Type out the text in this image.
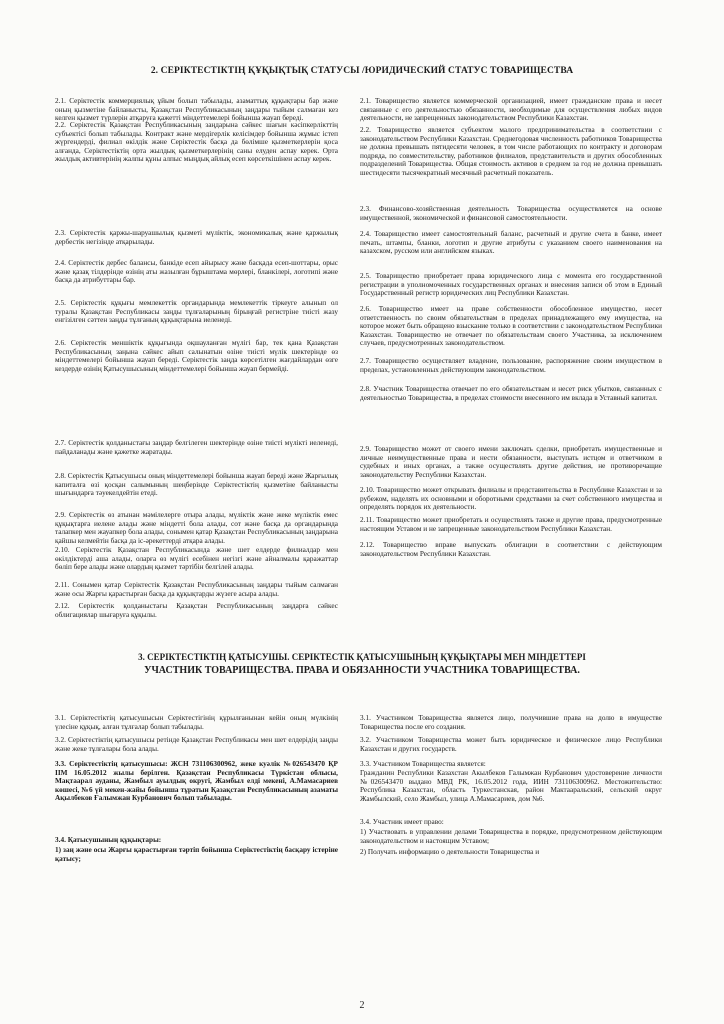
2. СЕРІКТЕСТІКТІҢ ҚҰҚЫҚТЫҚ СТАТУСЫ /ЮРИДИЧЕСКИЙ СТАТУС ТОВАРИЩЕСТВА
2.1. Серіктестік коммерциялық ұйым болып табылады, азаматтық құқықтары бар және оның қызметіне байланысты, Қазақстан Республикасының заңдары тыйым салмаған кез келген қызмет түрлерін атқаруға қажетті міндеттемелері бойынша жауап береді.
2.2. Серіктестік Қазақстан Республикасының заңдарына сәйкес шағын кәсіпкерлікттің субъектісі болып табылады. Контракт және мердігерлік келісімдер бойынша жұмыс істеп жүргендерді, филиал өкілдік және Серіктестік басқа да бөлімше қызметкерлерін қоса алғанда, Серіктестіктің орта жылдық қызметкерлерінің саны елуден аспау керек. Орта жылдық активтерінің жалпы құны алпыс мыңдық айлық есеп көрсеткішінен аспау керек.
2.3. Серіктестік қаржы-шаруашылық қызметі мүліктік, экономикалық және қаржылық дербестік негізінде атқарылады.
2.4. Серіктестік дербес балансы, банкіде есеп айырысу және басқада есеп-шоттары, орыс және қазақ тілдерінде өзінің аты жазылған бұрыштама мөрлері, бланкілері, логотипі және басқа да атрибуттары бар.
2.5. Серіктестік құқығы мемлекеттік органдарында мемлекеттік тіркеуге алынып ол туралы Қазақстан Республикасы заңды тұлғаларының бірыңғай регистріне тиісті жазу енгізілген сәттен заңды тұлғаның құқықтарына иеленеді.
2.6. Серіктестік меншіктік құқығында оқшауланған мүлігі бар, тек қана Қазақстан Республикасының заңына сәйкес айып салынатын өзіне тиісті мүлік шектерінде өз міндеттемелері бойынша жауап береді. Серіктестік заңда көрсетілген жағдайлардан өзге кездерде өзінің Қатысушысының міндеттемелері бойынша жауап бермейді.
2.7. Серіктестік қолданыстағы заңдар белгілеген шектерінде өзіне тиісті мүлікті иеленеді, пайдаланады және қажетке жаратады.
2.8. Серіктестік Қатысушысы оның міндеттемелері бойынша жауап береді және Жарғылық капиталға өзі қосқан салымының шеңберінде Серіктестіктің қызметіне байланысты шығындарға тәуекелдейтін етеді.
2.9. Серіктестік өз атынан мәмілелерге отыра алады, мүліктік және жеке мүліктік емес құқықтарға иелене алады және міндетті бола алады, сот және басқа да органдарында талапкер мен жауапкер бола алады, сонымен қатар Қазақстан Республикасының заңдарына қайшы келмейтін басқа да іс-әрекеттерді атқара алады.
2.10. Серіктестік Қазақстан Республикасында және шет елдерде филиалдар мен өкілдіктерді аша алады, оларға өз мүлігі есебінен негізгі және айналмалы қаражаттар бөліп бере алады және олардың қызмет тәртібін белгілей алады.
2.11. Сонымен қатар Серіктестік Қазақстан Республикасының заңдары тыйым салмаған және осы Жарғы қарастырған басқа да құқықтарды жүзеге асыра алады.
2.12. Серіктестік қолданыстағы Қазақстан Республикасының заңдарға сәйкес облигациялар шығаруға құқылы.
2.1. Товарищество является коммерческой организацией, имеет гражданские права и несет связанные с его деятельностью обязанности, необходимые для осуществления любых видов деятельности, не запрещенных законодательством Республики Казахстан.
2.2. Товарищество является субъектом малого предпринимательства в соответствии с законодательством Республики Казахстан. Среднегодовая численность работников Товарищества не должна превышать пятидесяти человек, в том числе работающих по контракту и договорам подряда, по совместительству, работников филиалов, представительств и других обособленных подразделений Товарищества. Общая стоимость активов в среднем за год не должна превышать шестидесяти тысячекратный месячный расчетный показатель.
2.3. Финансово-хозяйственная деятельность Товарищества осуществляется на основе имущественной, экономической и финансовой самостоятельности.
2.4. Товарищество имеет самостоятельный баланс, расчетный и другие счета в банке, имеет печать, штампы, бланки, логотип и другие атрибуты с указанием своего наименования на казахском, русском или английском языках.
2.5. Товарищество приобретает права юридического лица с момента его государственной регистрации в уполномоченных государственных органах и внесения записи об этом в Единый Государственный регистр юридических лиц Республики Казахстан.
2.6. Товарищество имеет на праве собственности обособленное имущество, несет ответственность по своим обязательствам в пределах принадлежащего ему имущества, на которое может быть обращено взыскание только в соответствии с законодательством Республики Казахстан. Товарищество не отвечает по обязательствам своего Участника, за исключением случаев, предусмотренных законодательством.
2.7. Товарищество осуществляет владение, пользование, распоряжение своим имуществом в пределах, установленных действующим законодательством.
2.8. Участник Товарищества отвечает по его обязательствам и несет риск убытков, связанных с деятельностью Товарищества, в пределах стоимости внесенного им вклада в Уставный капитал.
2.9. Товарищество может от своего имени заключать сделки, приобретать имущественные и личные неимущественные права и нести обязанности, выступать истцом и ответчиком в судебных и иных органах, а также осуществлять другие действия, не противоречащие законодательству Республики Казахстан.
2.10. Товарищество может открывать филиалы и представительства в Республике Казахстан и за рубежом, наделять их основными и оборотными средствами за счет собственного имущества и определять порядок их деятельности.
2.11. Товарищество может приобретать и осуществлять также и другие права, предусмотренные настоящим Уставом и не запрещенные законодательством Республики Казахстан.
2.12. Товарищество вправе выпускать облигации в соответствии с действующим законодательством Республики Казахстан.
3. СЕРІКТЕСТІКТІҢ ҚАТЫСУШЫ. СЕРІКТЕСТІК ҚАТЫСУШЫНЫҢ ҚҰҚЫҚТАРЫ МЕН МІНДЕТТЕРІ
УЧАСТНИК ТОВАРИЩЕСТВА. ПРАВА И ОБЯЗАННОСТИ УЧАСТНИКА ТОВАРИЩЕСТВА.
3.1. Серіктестіктің қатысушысын Серіктестігінің құрылғанынан кейін оның мүлкінің үлесіне құқық, алған тұлғалар болып табылады.
3.2. Серіктестіктің қатысушысы ретінде Қазақстан Республикасы мен шет елдерідің заңды және жеке тұлғалары бола алады.
3.3. Серіктестіктің қатысушысы: ЖСН 731106300962, жеке куәлік №026543470 ҚР ІІМ 16.05.2012 жылы берілген. Қазақстан Республикасы Түркістан облысы, Мақтаарал ауданы, Жамбыл ауылдық округі, Жамбыл елді мекені, А.Мамасариев көшесі, №6 үй мекен-жайы бойынша тұратын Қазақстан Республикасының азаматы Ақылбеков Ғалымжан Курбанович болып табылады.
3.4. Қатысушының құқықтары:
1) заң және осы Жарғы қарастырған тәртіп бойынша Серіктестіктің басқару істеріне қатысу;
3.1. Участником Товарищества является лицо, получившие права на долю в имуществе Товарищества после его создания.
3.2. Участником Товарищества может быть юридическое и физическое лицо Республики Казахстан и других государств.
3.3. Участником Товарищества является:
Гражданин Республики Казахстан Акылбеков Галымжан Курбанович удостоверение личности №026543470 выдано МВД РК, 16.05.2012 года, ИИН 731106300962. Местожительство: Республика Казахстан, область Туркестанская, район Мактааральский, сельский округ Жамбылский, село Жамбыл, улица А.Мамасариев, дом №6.
3.4. Участник имеет право:
1) Участвовать в управлении делами Товарищества в порядке, предусмотренном действующим законодательством и настоящим Уставом;
2) Получать информацию о деятельности Товарищества и
2
